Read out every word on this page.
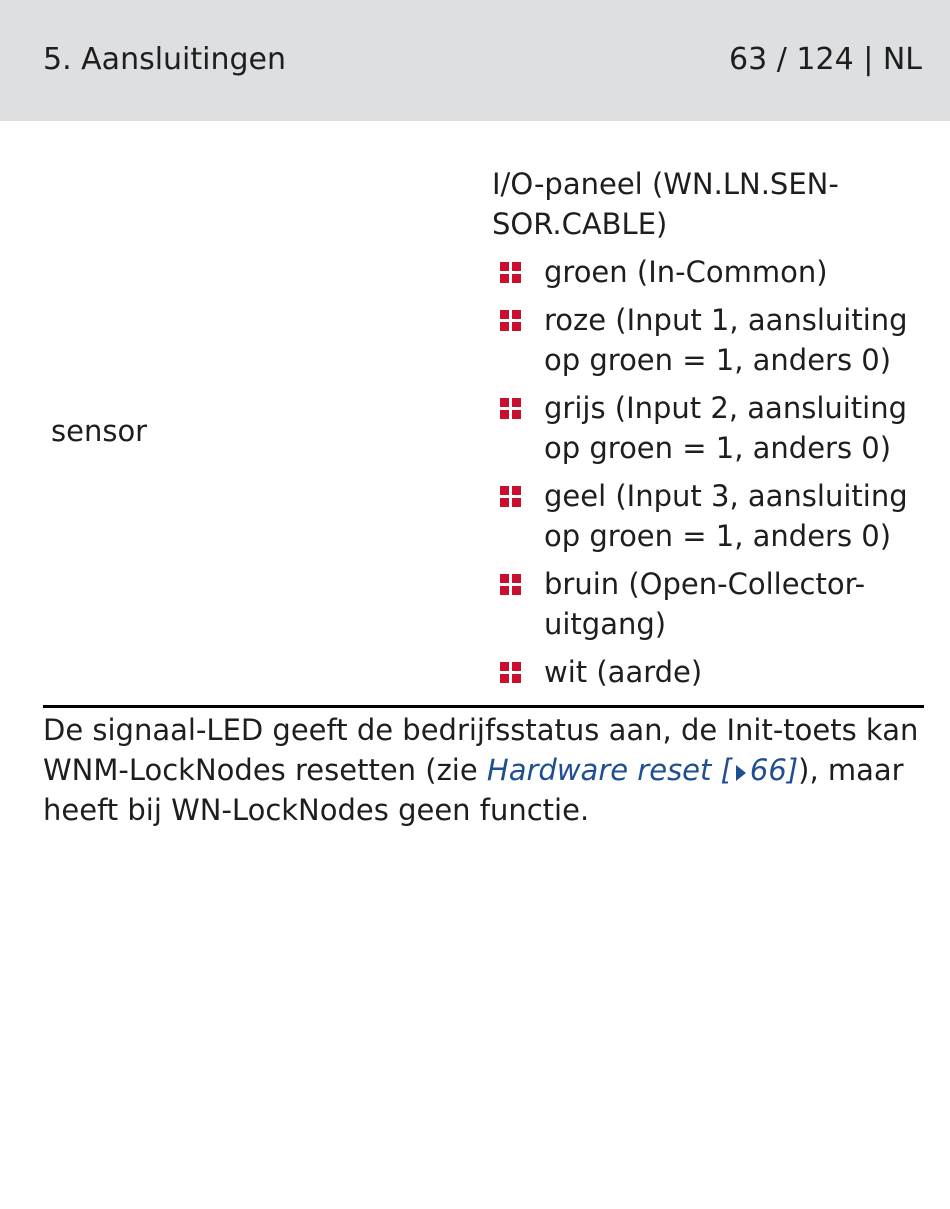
5. Aansluitingen	63 / 124 | NL
sensor
I/O-paneel (WN.LN.SEN-SOR.CABLE)
groen (In-Common)
roze (Input 1, aansluiting op groen = 1, anders 0)
grijs (Input 2, aansluiting op groen = 1, anders 0)
geel (Input 3, aansluiting op groen = 1, anders 0)
bruin (Open-Collector-uitgang)
wit (aarde)

De signaal-LED geeft de bedrijfsstatus aan, de Init-toets kan WNM-LockNodes resetten (zie Hardware reset [ 66]), maar heeft bij WN-LockNodes geen functie.
